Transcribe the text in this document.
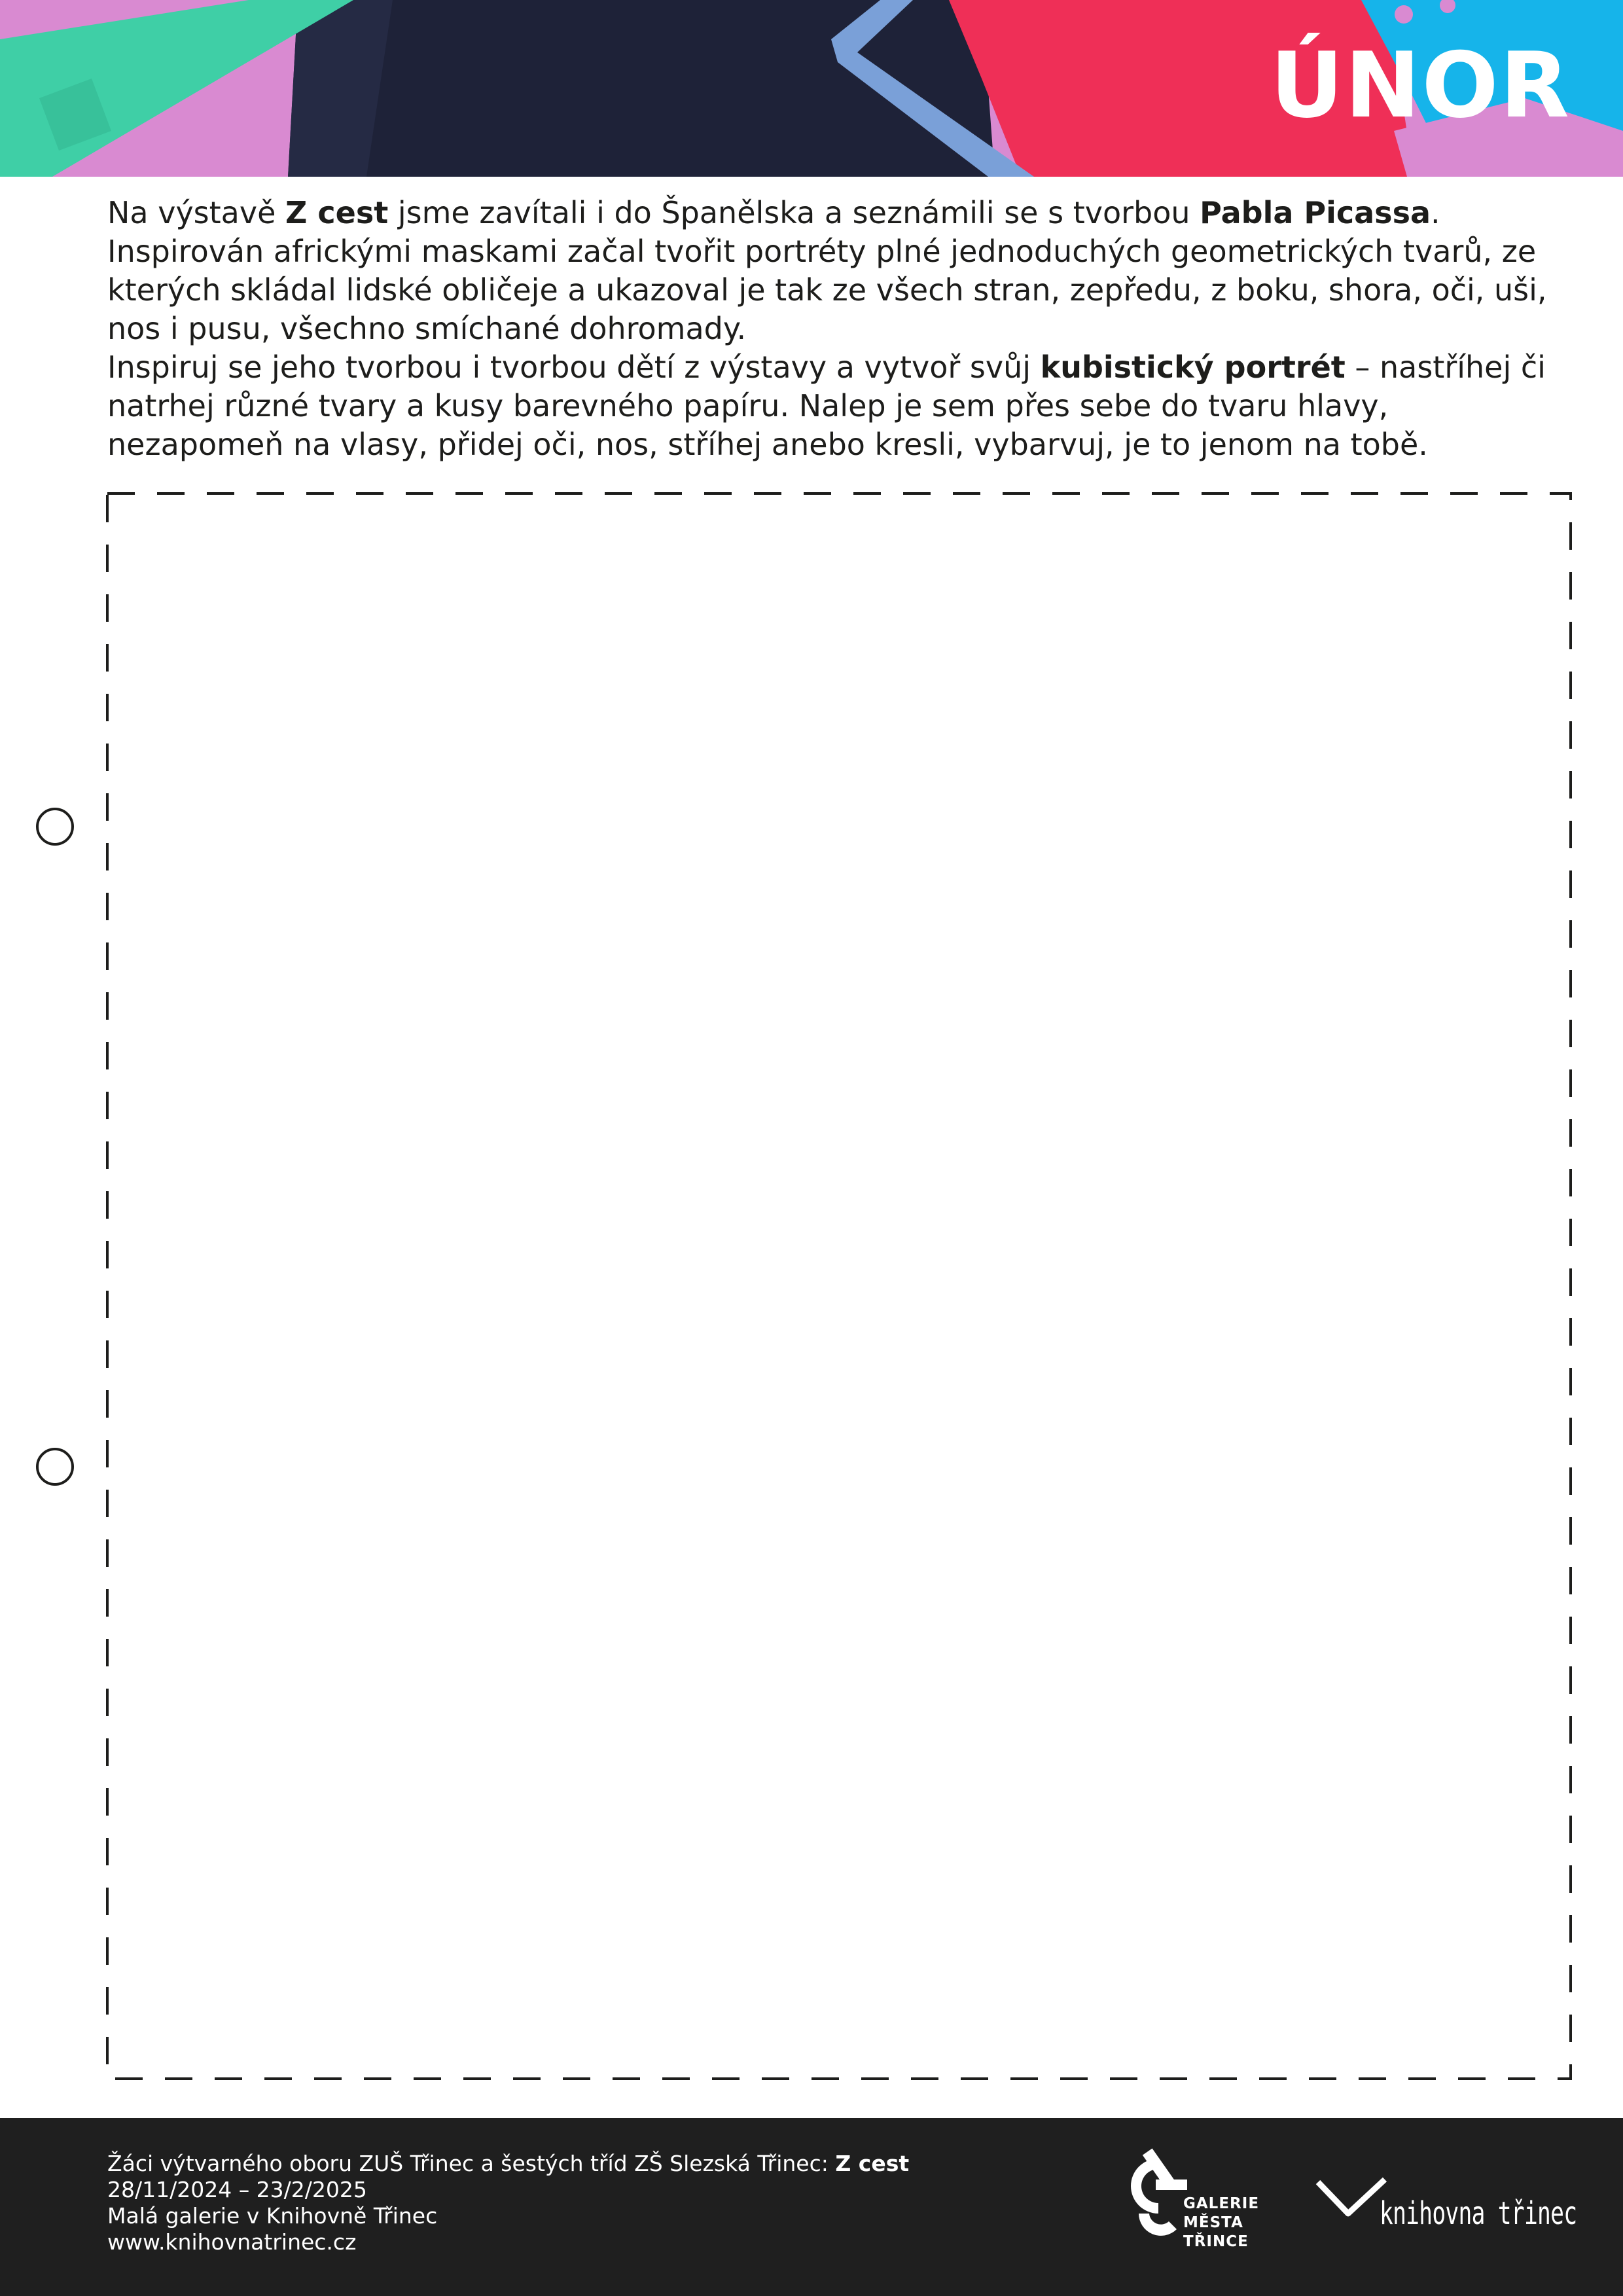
ÚNOR

Na výstavě Z cest jsme zavítali i do Španělska a seznámili se s tvorbou Pabla Picassa. Inspirován africkými maskami začal tvořit portréty plné jednoduchých geometrických tvarů, ze kterých skládal lidské obličeje a ukazoval je tak ze všech stran, zepředu, z boku, shora, oči, uši, nos i pusu, všechno smíchané dohromady.

Inspiruj se jeho tvorbou i tvorbou dětí z výstavy a vytvoř svůj kubistický portrét – nastříhej či natrhej různé tvary a kusy barevného papíru. Nalep je sem přes sebe do tvaru hlavy, nezapomeň na vlasy, přidej oči, nos, stříhej anebo kresli, vybarvuj, je to jenom na tobě.

Žáci výtvarného oboru ZUŠ Třinec a šestých tříd ZŠ Slezská Třinec: Z cest
28/11/2024 – 23/2/2025
Malá galerie v Knihovně Třinec
www.knihovnatrinec.cz
GALERIE
MĚSTA
TŘINCE
knihovna třinec
